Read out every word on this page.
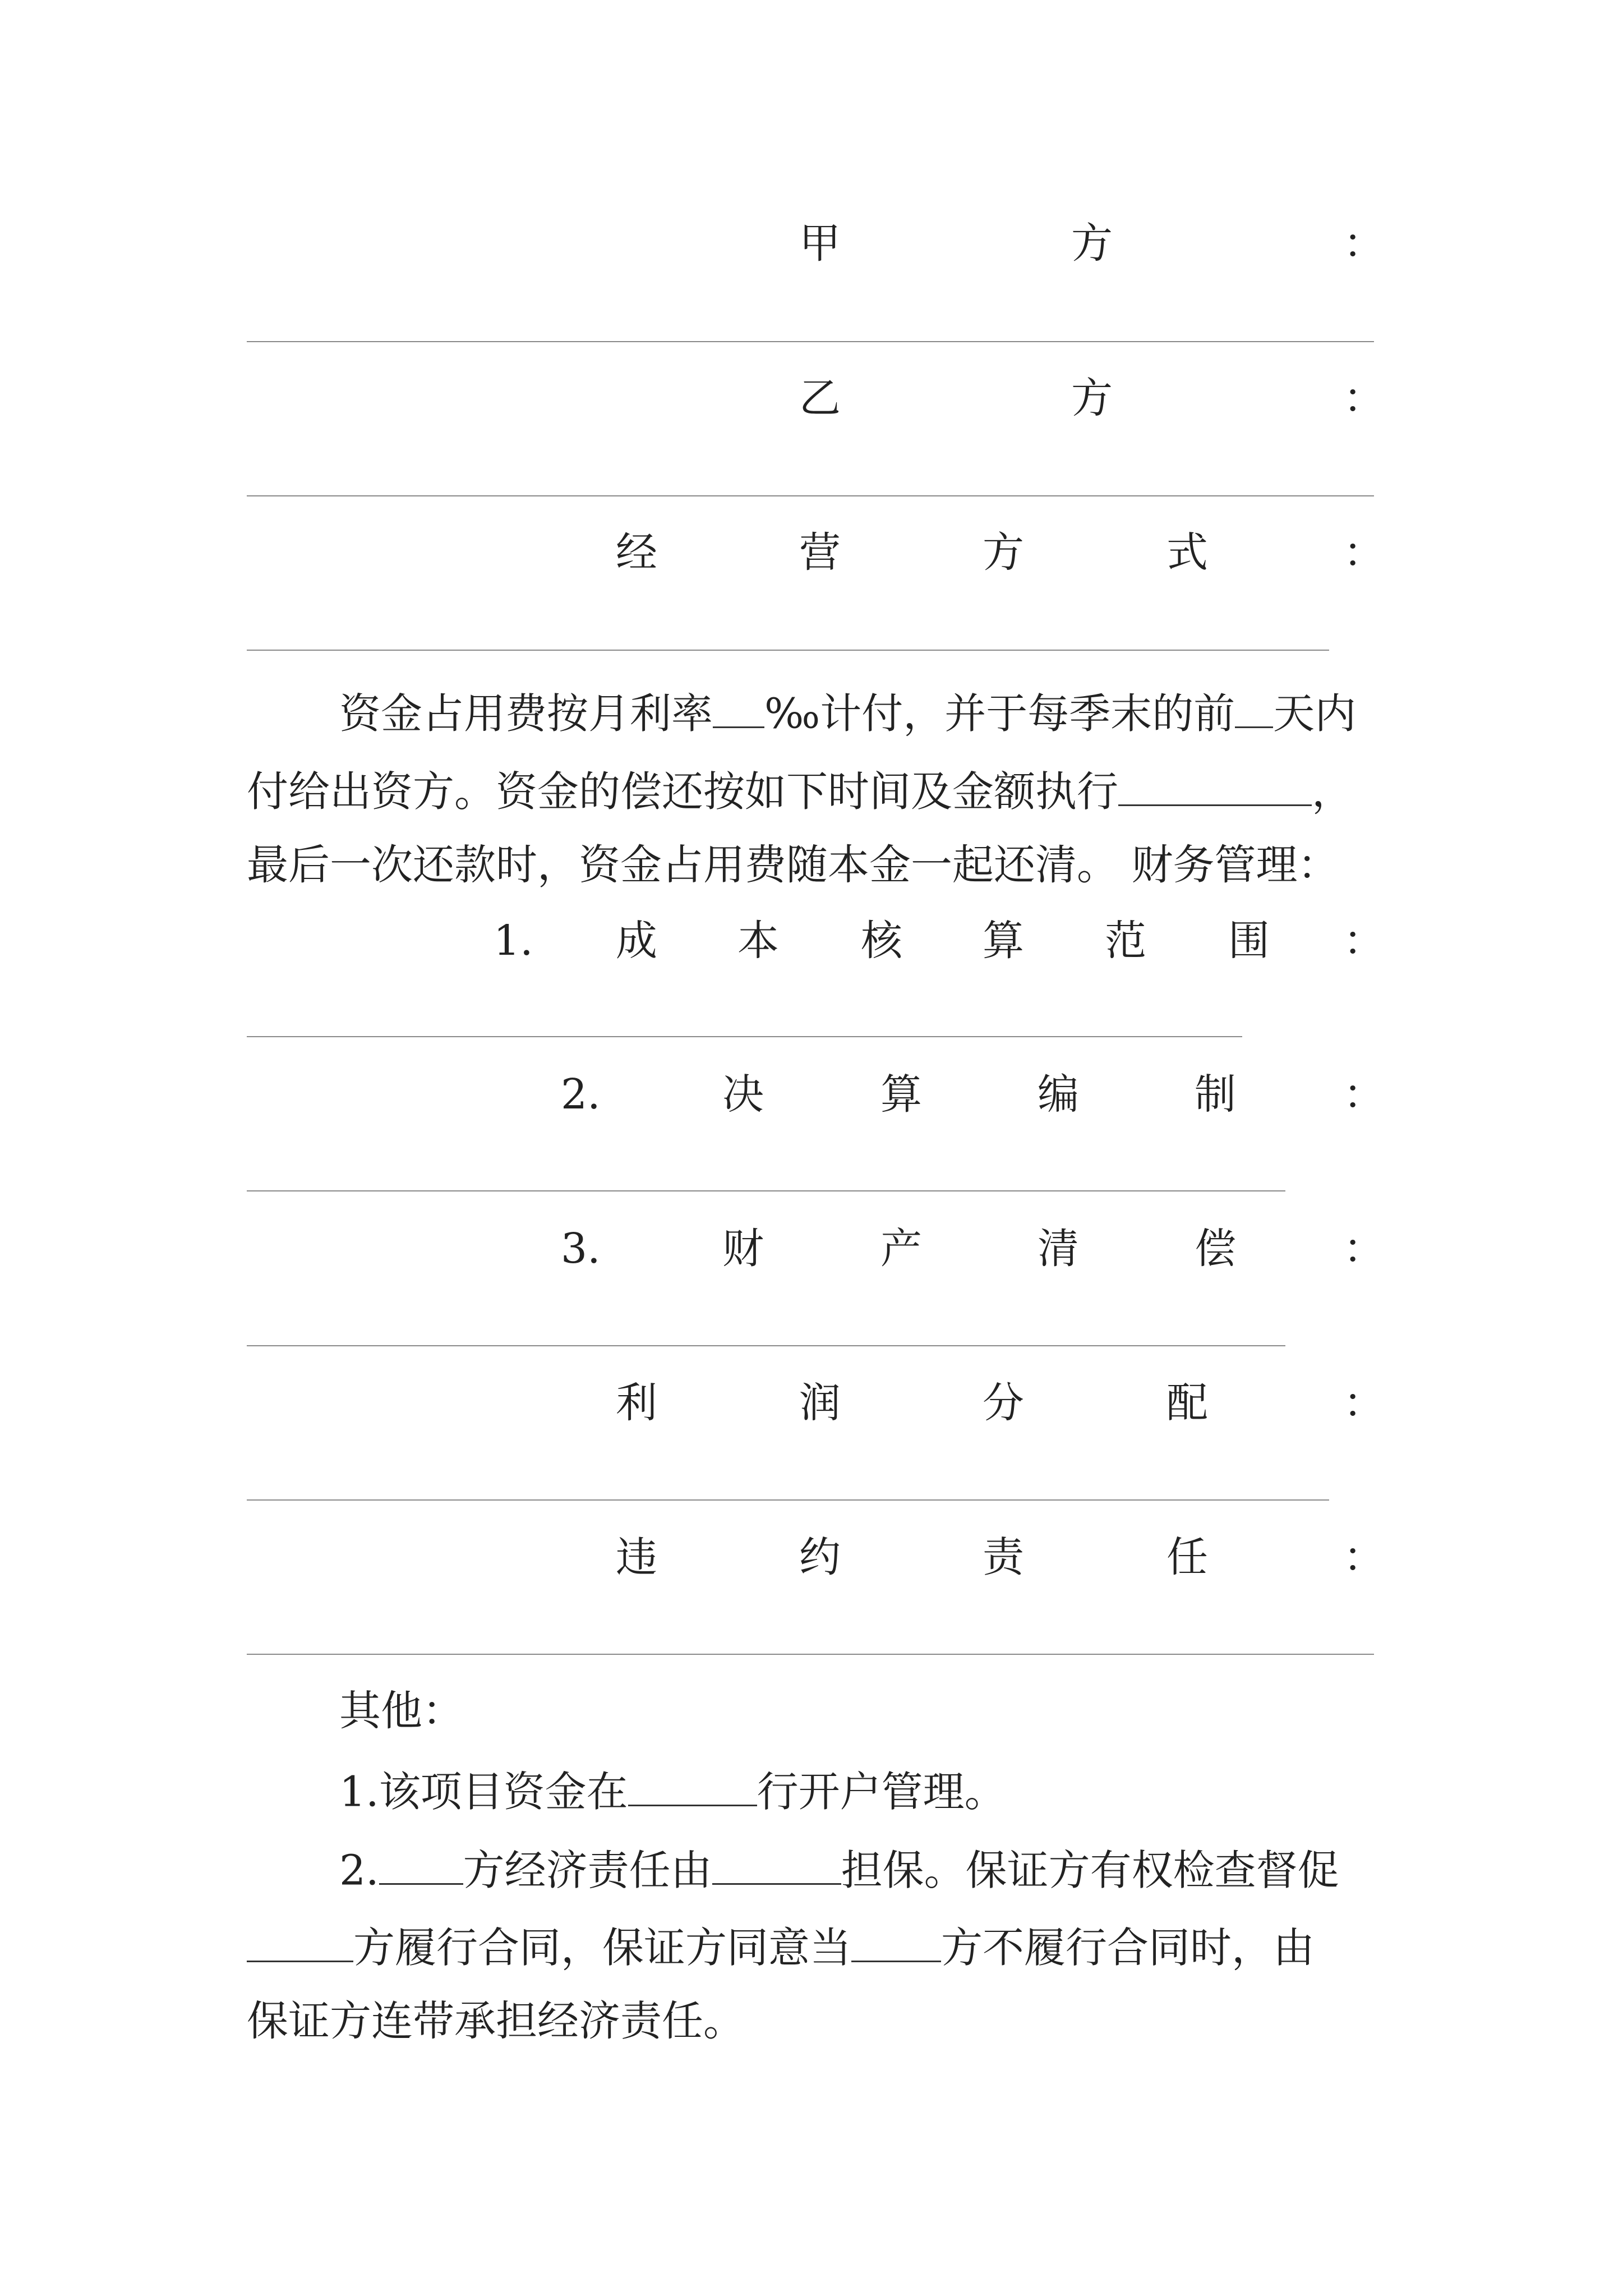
甲	方	：
乙	方	：
经	营	方	式	：
资金占用费按月利率 ‰计付，并于每季末的前 天内
付给出资方。资金的偿还按如下时间及金额执行	，
最后一次还款时，资金占用费随本金一起还清。 财务管理：
1. 成 本 核 算 范 围 ：
2.	决	算	编	制	：
3.	财	产	清	偿	：
利	润	分	配	：
违	约	责	任	：
其他：
1.该项目资金在	行开户管理。
2. 方经济责任由	担保。保证方有权检查督促
方履行合同，保证方同意当 方不履行合同时，由
保证方连带承担经济责任。
